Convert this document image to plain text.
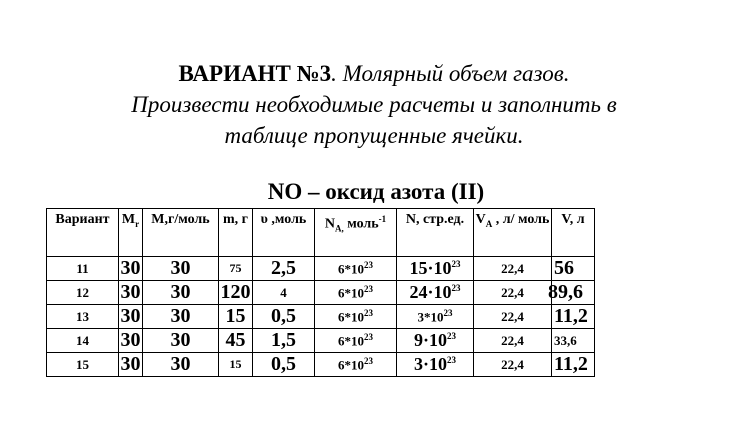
ВАРИАНТ №3. Молярный объем газов.
Произвести необходимые расчеты и заполнить в
таблице пропущенные ячейки.
NO – оксид азота (II)
Вариант	$M_r$	M,г/моль	m, г	υ ,моль	$N_{A,}$ моль$^{-1}$	N, стр.ед.	$V_A$ , л/ моль	V, л
11	30	30	75	2,5	$6*10^{23}$	$15\cdot 10^{23}$	22,4	56
12	30	30	120	4	$6*10^{23}$	$24\cdot 10^{23}$	22,4	89,6
13	30	30	15	0,5	$6*10^{23}$	$3*10^{23}$	22,4	11,2
14	30	30	45	1,5	$6*10^{23}$	$9\cdot 10^{23}$	22,4	33,6
15	30	30	15	0,5	$6*10^{23}$	$3\cdot 10^{23}$	22,4	11,2
